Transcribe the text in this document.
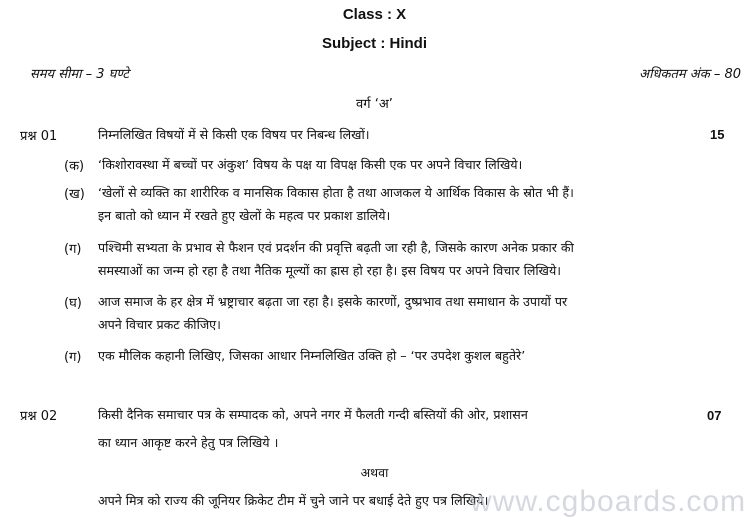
Class : X
Subject : Hindi
समय सीमा – 3 घण्टे	अधिकतम अंक – 80
वर्ग ‘अ’
प्रश्न 01	निम्नलिखित विषयों में से किसी एक विषय पर निबन्ध लिखों।	15
(क) ‘किशोरावस्था में बच्चों पर अंकुश’ विषय के पक्ष या विपक्ष किसी एक पर अपने विचार लिखिये।
(ख) ‘खेलों से व्यक्ति का शारीरिक व मानसिक विकास होता है तथा आजकल ये आर्थिक विकास के स्रोत भी हैं।
इन बातो को ध्यान में रखते हुए खेलों के महत्व पर प्रकाश डालिये।
(ग) पश्चिमी सभ्यता के प्रभाव से फैशन एवं प्रदर्शन की प्रवृत्ति बढ़ती जा रही है, जिसके कारण अनेक प्रकार की
समस्याओं का जन्म हो रहा है तथा नैतिक मूल्यों का ह्रास हो रहा है। इस विषय पर अपने विचार लिखिये।
(घ) आज समाज के हर क्षेत्र में भ्रष्ट्राचार बढ़ता जा रहा है। इसके कारणों, दुष्प्रभाव तथा समाधान के उपायों पर
अपने विचार प्रकट कीजिए।
(ग) एक मौलिक कहानी लिखिए, जिसका आधार निम्नलिखित उक्ति हो – ‘पर उपदेश कुशल बहुतेरे’
प्रश्न 02	किसी दैनिक समाचार पत्र के सम्पादक को, अपने नगर में फैलती गन्दी बस्तियों की ओर, प्रशासन	07
का ध्यान आकृष्ट करने हेतु पत्र लिखिये ।
अथवा
अपने मित्र को राज्य की जूनियर क्रिकेट टीम में चुने जाने पर बधाई देते हुए पत्र लिखिये।
www.cgboards.com
